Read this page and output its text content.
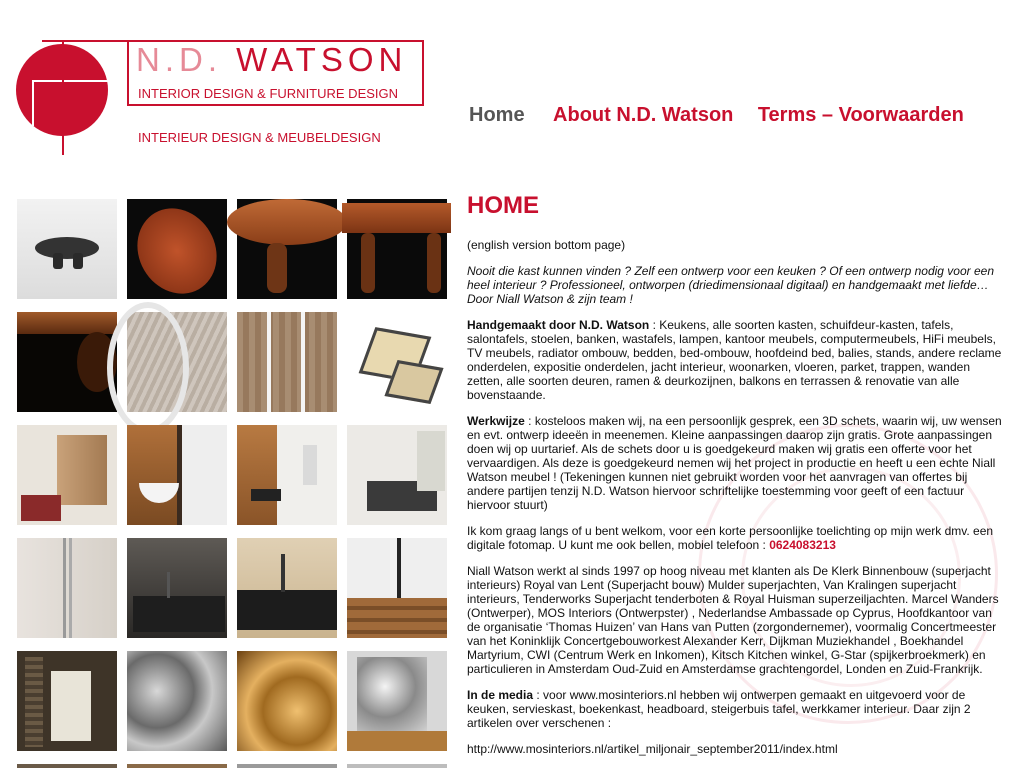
N.D. WATSON
INTERIOR DESIGN & FURNITURE DESIGN
INTERIEUR DESIGN & MEUBELDESIGN
Home About N.D. Watson Terms – Voorwaarden
HOME

(english version bottom page)

Nooit die kast kunnen vinden ? Zelf een ontwerp voor een keuken ? Of een ontwerp nodig voor een heel interieur ? Professioneel, ontworpen (driedimensionaal digitaal) en handgemaakt met liefde… Door Niall Watson & zijn team !

Handgemaakt door N.D. Watson : Keukens, alle soorten kasten, schuifdeur-kasten, tafels, salontafels, stoelen, banken, wastafels, lampen, kantoor meubels, computermeubels, HiFi meubels, TV meubels, radiator ombouw, bedden, bed-ombouw, hoofdeind bed, balies, stands, andere reclame onderdelen, expositie onderdelen, jacht interieur, woonarken, vloeren, parket, trappen, wanden zetten, alle soorten deuren, ramen & deurkozijnen, balkons en terrassen & renovatie van alle bovenstaande.

Werkwijze : kosteloos maken wij, na een persoonlijk gesprek, een 3D schets, waarin wij, uw wensen en evt. ontwerp ideeën in meenemen. Kleine aanpassingen daarop zijn gratis. Grote aanpassingen doen wij op uurtarief. Als de schets door u is goedgekeurd maken wij gratis een offerte voor het vervaardigen. Als deze is goedgekeurd nemen wij het project in productie en heeft u een echte Niall Watson meubel ! (Tekeningen kunnen niet gebruikt worden voor het aanvragen van offertes bij andere partijen tenzij N.D. Watson hiervoor schriftelijke toestemming voor geeft of een factuur hiervoor stuurt)

Ik kom graag langs of u bent welkom, voor een korte persoonlijke toelichting op mijn werk dmv. een digitale fotomap. U kunt me ook bellen, mobiel telefoon : 0624083213

Niall Watson werkt al sinds 1997 op hoog niveau met klanten als De Klerk Binnenbouw (superjacht interieurs) Royal van Lent (Superjacht bouw) Mulder superjachten, Van Kralingen superjacht interieurs, Tenderworks Superjacht tenderboten & Royal Huisman superzeiljachten. Marcel Wanders (Ontwerper), MOS Interiors (Ontwerpster) , Nederlandse Ambassade op Cyprus, Hoofdkantoor van de organisatie ‘Thomas Huizen’ van Hans van Putten (zorgondernemer), voormalig Concertmeester van het Koninklijk Concertgebouworkest Alexander Kerr, Dijkman Muziekhandel , Boekhandel Martyrium, CWI (Centrum Werk en Inkomen), Kitsch Kitchen winkel, G-Star (spijkerbroekmerk) en particulieren in Amsterdam Oud-Zuid en Amsterdamse grachtengordel, Londen en Zuid-Frankrijk.

In de media : voor www.mosinteriors.nl hebben wij ontwerpen gemaakt en uitgevoerd voor de keuken, servieskast, boekenkast, headboard, steigerbuis tafel, werkkamer interieur. Daar zijn 2 artikelen over verschenen :

http://www.mosinteriors.nl/artikel_miljonair_september2011/index.html
